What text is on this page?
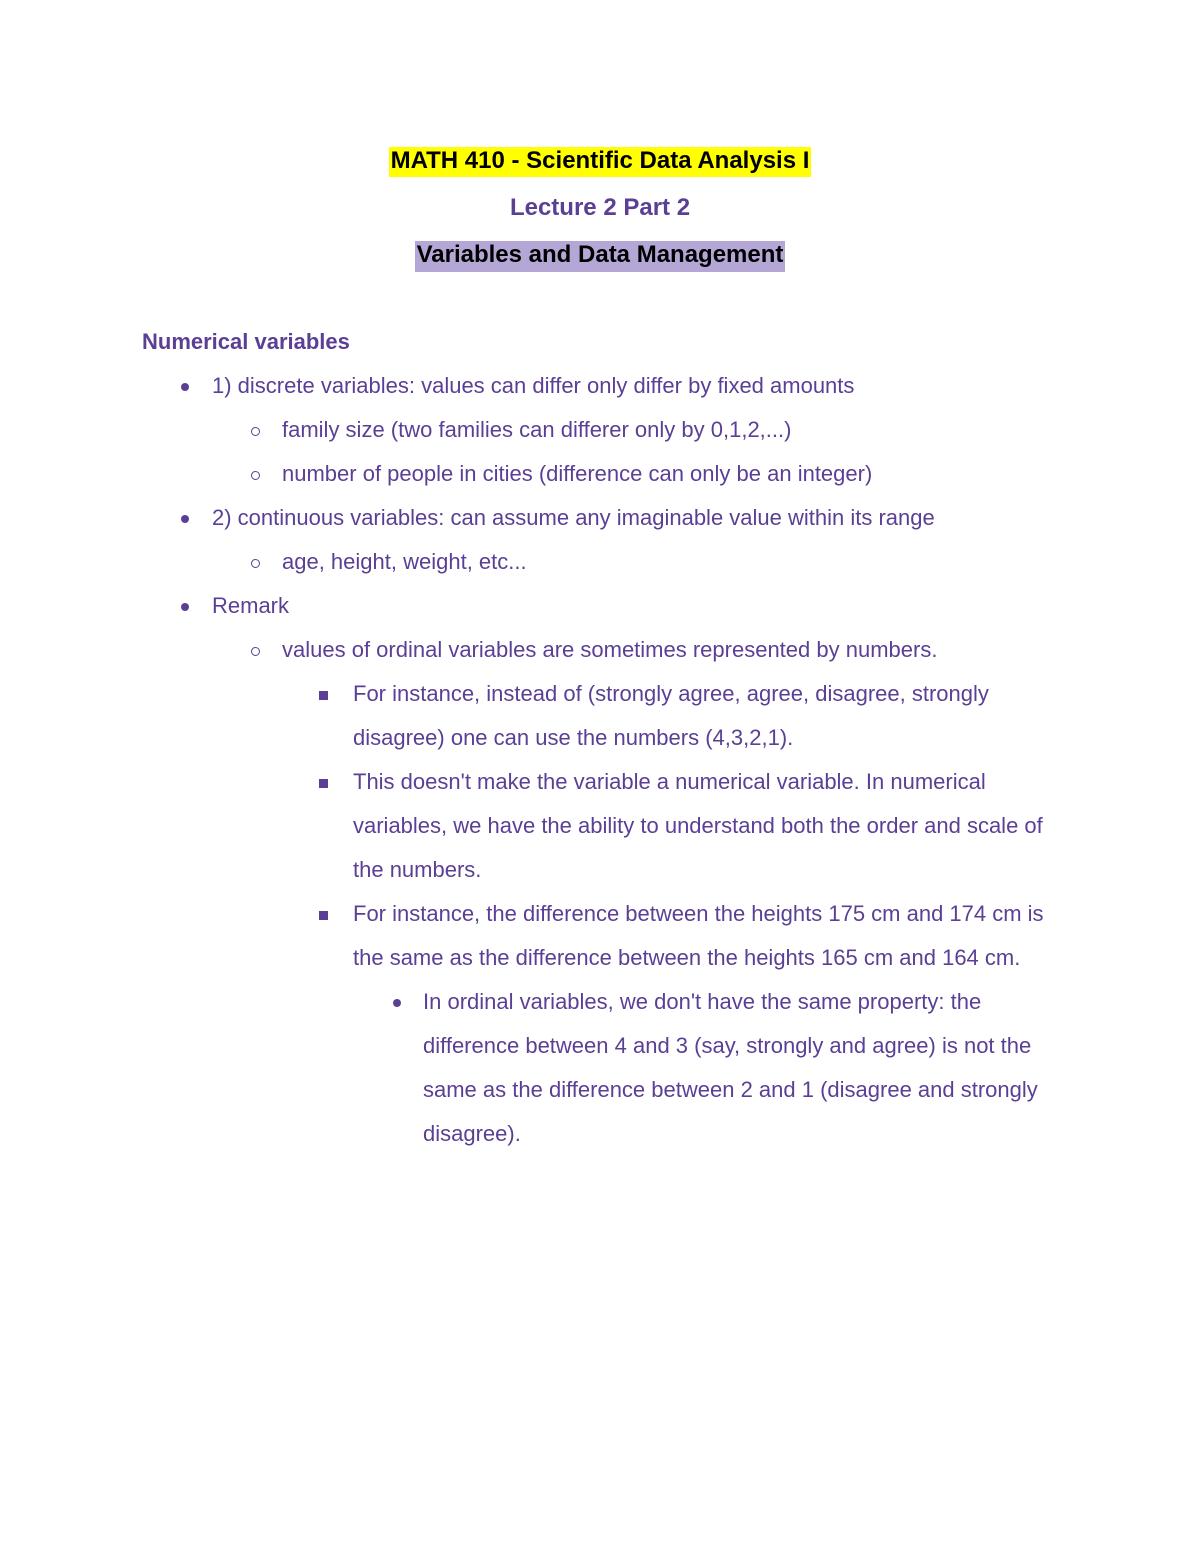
MATH 410 - Scientific Data Analysis I
Lecture 2 Part 2
Variables and Data Management
Numerical variables
1) discrete variables: values can differ only differ by fixed amounts
family size (two families can differer only by 0,1,2,...)
number of people in cities (difference can only be an integer)
2) continuous variables: can assume any imaginable value within its range
age, height, weight, etc...
Remark
values of ordinal variables are sometimes represented by numbers.
For instance, instead of (strongly agree, agree, disagree, strongly disagree) one can use the numbers (4,3,2,1).
This doesn't make the variable a numerical variable. In numerical variables, we have the ability to understand both the order and scale of the numbers.
For instance, the difference between the heights 175 cm and 174 cm is the same as the difference between the heights 165 cm and 164 cm.
In ordinal variables, we don't have the same property: the difference between 4 and 3 (say, strongly and agree) is not the same as the difference between 2 and 1 (disagree and strongly disagree).
